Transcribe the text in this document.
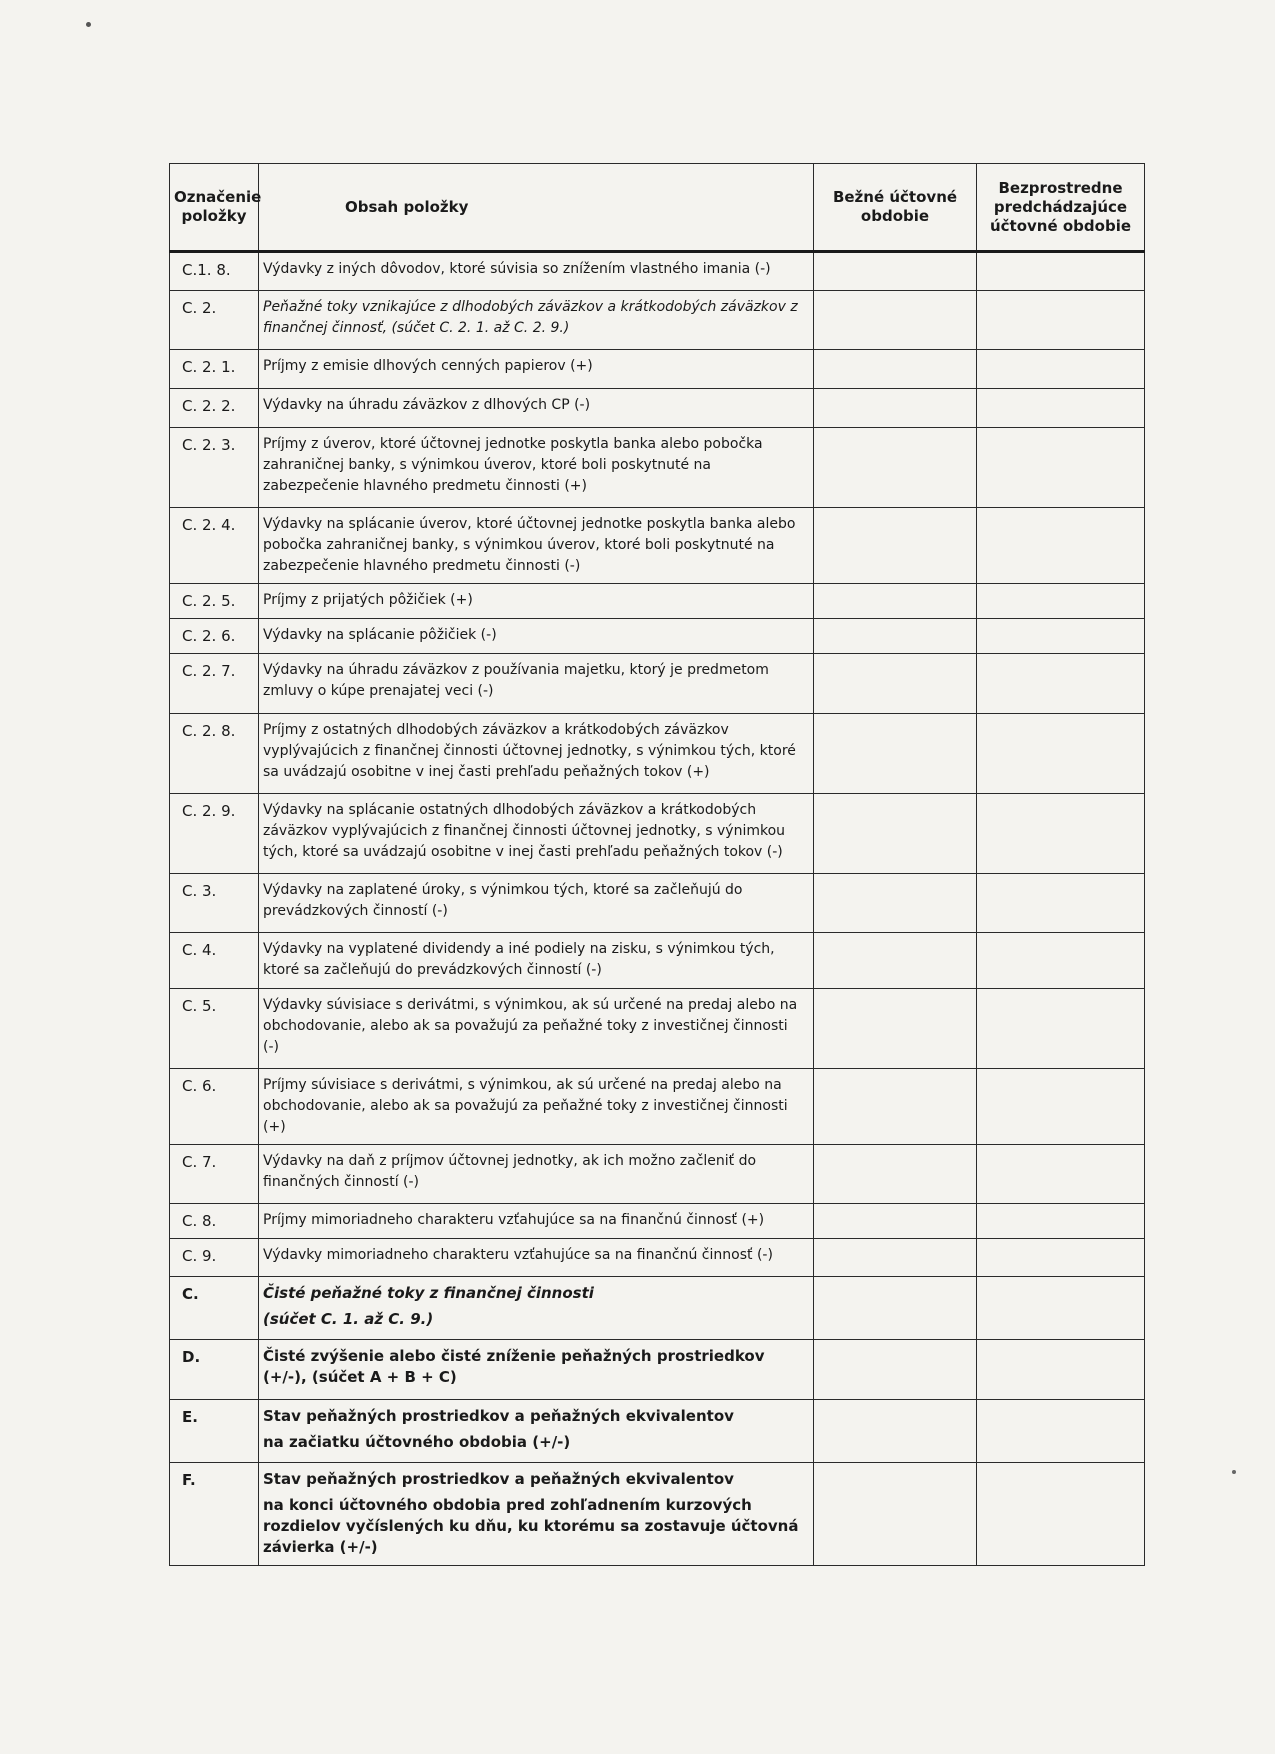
Označenie položky	Obsah položky	Bežné účtovné obdobie	Bezprostredne predchádzajúce účtovné obdobie
C.1. 8.	Výdavky z iných dôvodov, ktoré súvisia so znížením vlastného imania (-)		
C. 2.	Peňažné toky vznikajúce z dlhodobých záväzkov a krátkodobých záväzkov z finančnej činnosť, (súčet C. 2. 1. až C. 2. 9.)		
C. 2. 1.	Príjmy z emisie dlhových cenných papierov (+)		
C. 2. 2.	Výdavky na úhradu záväzkov z dlhových CP (-)		
C. 2. 3.	Príjmy z úverov, ktoré účtovnej jednotke poskytla banka alebo pobočka zahraničnej banky, s výnimkou úverov, ktoré boli poskytnuté na zabezpečenie hlavného predmetu činnosti (+)		
C. 2. 4.	Výdavky na splácanie úverov, ktoré účtovnej jednotke poskytla banka alebo pobočka zahraničnej banky, s výnimkou úverov, ktoré boli poskytnuté na zabezpečenie hlavného predmetu činnosti (-)		
C. 2. 5.	Príjmy z prijatých pôžičiek (+)		
C. 2. 6.	Výdavky na splácanie pôžičiek (-)		
C. 2. 7.	Výdavky na úhradu záväzkov z používania majetku, ktorý je predmetom zmluvy o kúpe prenajatej veci (-)		
C. 2. 8.	Príjmy z ostatných dlhodobých záväzkov a krátkodobých záväzkov vyplývajúcich z finančnej činnosti účtovnej jednotky, s výnimkou tých, ktoré sa uvádzajú osobitne v inej časti prehľadu peňažných tokov (+)		
C. 2. 9.	Výdavky na splácanie ostatných dlhodobých záväzkov a krátkodobých záväzkov vyplývajúcich z finančnej činnosti účtovnej jednotky, s výnimkou tých, ktoré sa uvádzajú osobitne v inej časti prehľadu peňažných tokov (-)		
C. 3.	Výdavky na zaplatené úroky, s výnimkou tých, ktoré sa začleňujú do prevádzkových činností (-)		
C. 4.	Výdavky na vyplatené dividendy a iné podiely na zisku, s výnimkou tých, ktoré sa začleňujú do prevádzkových činností (-)		
C. 5.	Výdavky súvisiace s derivátmi, s výnimkou, ak sú určené na predaj alebo na obchodovanie, alebo ak sa považujú za peňažné toky z investičnej činnosti (-)		
C. 6.	Príjmy súvisiace s derivátmi, s výnimkou, ak sú určené na predaj alebo na obchodovanie, alebo ak sa považujú za peňažné toky z investičnej činnosti (+)		
C. 7.	Výdavky na daň z príjmov účtovnej jednotky, ak ich možno začleniť do finančných činností (-)		
C. 8.	Príjmy mimoriadneho charakteru vzťahujúce sa na finančnú činnosť (+)		
C. 9.	Výdavky mimoriadneho charakteru vzťahujúce sa na finančnú činnosť (-)		
C.	Čisté peňažné toky z finančnej činnosti
(súčet C. 1. až C. 9.)		

D.	Čisté zvýšenie alebo čisté zníženie peňažných prostriedkov (+/-), (súčet A + B + C)		
E.	Stav peňažných prostriedkov a peňažných ekvivalentov
na začiatku účtovného obdobia (+/-)		

F.	Stav peňažných prostriedkov a peňažných ekvivalentov
na konci účtovného obdobia pred zohľadnením kurzových rozdielov vyčíslených ku dňu, ku ktorému sa zostavuje účtovná závierka (+/-)		
